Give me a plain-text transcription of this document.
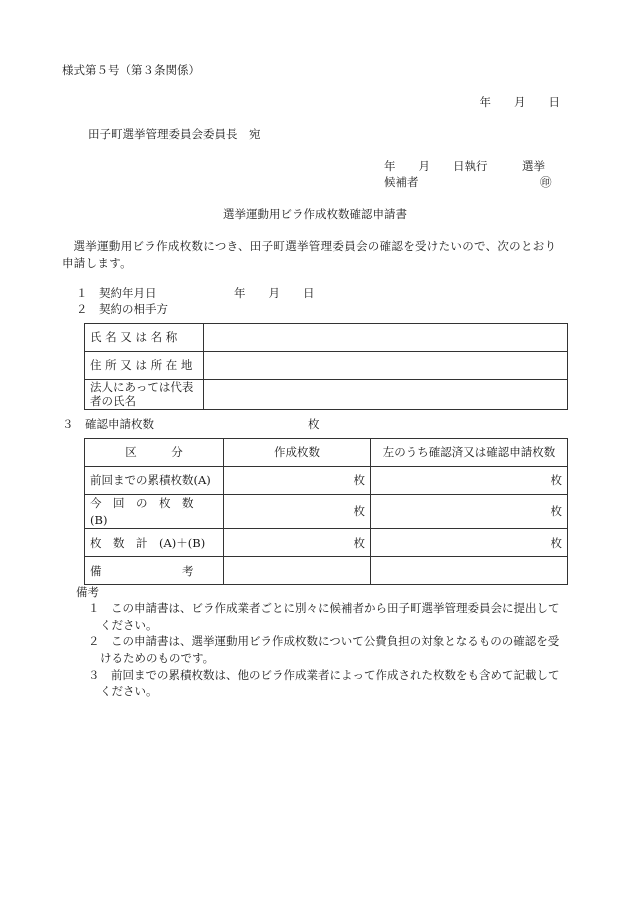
様式第５号（第３条関係）
年　　月　　日
田子町選挙管理委員会委員長　宛
年　　月　　日執行　　　選挙
候補者	㊞
選挙運動用ビラ作成枚数確認申請書
選挙運動用ビラ作成枚数につき、田子町選挙管理委員会の確認を受けたいので、次のとおり申請します。
１　契約年月日	年　　月　　日
２　契約の相手方
氏 名 又 は 名 称	
住 所 又 は 所 在 地	
法人にあっては代表者の氏名	
３　確認申請枚数	枚
区　　　分	作成枚数	左のうち確認済又は確認申請枚数
前回までの累積枚数(A)	枚	枚
今　回　の　枚　数　(B)	枚	枚
枚　数　計　(A)＋(B)	枚	枚
備　　　　　　　考		
備考

１　 この申請書は、ビラ作成業者ごとに別々に候補者から田子町選挙管理委員会に提出してください。

２　 この申請書は、選挙運動用ビラ作成枚数について公費負担の対象となるものの確認を受けるためのものです。

３　 前回までの累積枚数は、他のビラ作成業者によって作成された枚数をも含めて記載してください。
